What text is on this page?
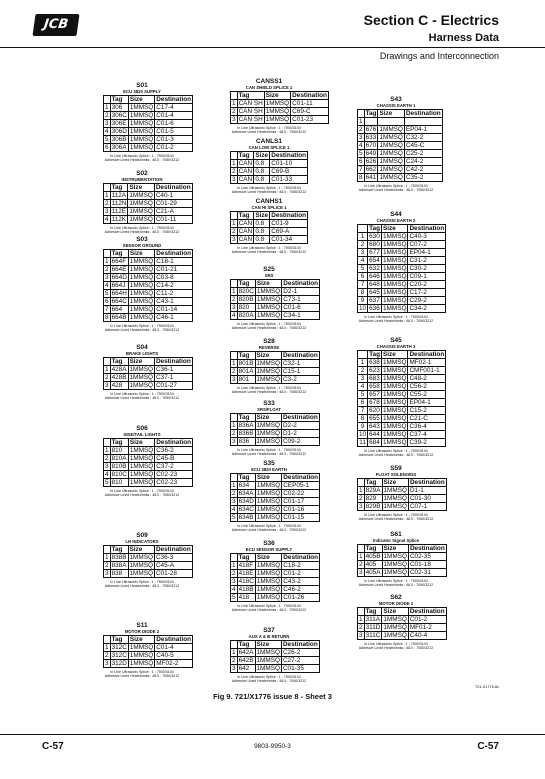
JCB	Section C - Electrics
Harness Data
Drawings and Interconnection
S01
ECU 3820 SUPPLY
	Tag	Size	Destination
1	306	1MMSQ	C17-4
2	306C	1MMSQ	C01-4
3	306E	1MMSQ	C01-6
4	306D	1MMSQ	C01-5
5	306B	1MMSQ	C01-3
6	306A	1MMSQ	C01-2
In Line Ultrasonic Splice : 1 : 7500/3104
Adhesive Lined Heatshrinks : 48.0 : 7050/3212
S02
INSTRUMENTATION
	Tag	Size	Destination
1	112A	1MMSQ	C40-1
2	112N	1MMSQ	C01-29
3	112E	1MMSQ	C21-A
4	112K	1MMSQ	C01-11
In Line Ultrasonic Splice : 1 : 7500/3104
Adhesive Lined Heatshrinks : 48.0 : 7050/3212
S03
SENSOR GROUND
	Tag	Size	Destination
1	664F	1MMSQ	C18-1
2	664E	1MMSQ	C01-21
3	664D	1MMSQ	C03-8
4	664J	1MMSQ	C14-2
5	664H	1MMSQ	C11-2
6	664C	1MMSQ	C43-1
7	664	1MMSQ	C01-14
8	664B	1MMSQ	C46-1
In Line Ultrasonic Splice : 1 : 7500/3104
Adhesive Lined Heatshrinks : 48.0 : 7050/3212
S04
BRAKE LIGHTS
	Tag	Size	Destination
1	428A	1MMSQ	C36-1
2	428B	1MMSQ	C37-1
3	428	1MMSQ	C01-27
In Line Ultrasonic Splice : 1 : 7500/3104
Adhesive Lined Heatshrinks : 48.0 : 7050/3212
S06
SIDE/TAIL LIGHTS
	Tag	Size	Destination
1	810	1MMSQ	C36-2
2	810A	1MMSQ	C45-B
3	810B	1MMSQ	C37-2
4	810C	1MMSQ	C02-23
5	810	1MMSQ	C02-23
In Line Ultrasonic Splice : 1 : 7500/3104
Adhesive Lined Heatshrinks : 48.0 : 7050/3212
S09
LH INDICATORS
	Tag	Size	Destination
1	838B	1MMSQ	C36-3
2	838A	1MMSQ	C45-A
3	838	1MMSQ	C01-28
In Line Ultrasonic Splice : 1 : 7500/3104
Adhesive Lined Heatshrinks : 48.0 : 7050/3212
S11
MOTOR DIODE 2
	Tag	Size	Destination
1	312C	1MMSQ	C01-4
2	312C	1MMSQ	C40-5
3	312D	1MMSQ	MF02-2
In Line Ultrasonic Splice : 1 : 7500/3104
Adhesive Lined Heatshrinks : 48.0 : 7050/3212
CANSS1
CAN SHIELD SPLICE 1
	Tag	Size	Destination
1	CAN SH	1MMSQ	C01-11
2	CAN SH	1MMSQ	C69-C
3	CAN SH	1MMSQ	C01-23
In Line Ultrasonic Splice : 1 : 7500/3104
Adhesive Lined Heatshrinks : 48.0 : 7050/3212
CANLS1
CAN LOW SPLICE 1
	Tag	Size	Destination
1	CAN	0.8	C01-10
2	CAN	0.8	C69-B
3	CAN	0.8	C01-33
In Line Ultrasonic Splice : 1 : 7500/3104
Adhesive Lined Heatshrinks : 48.0 : 7050/3212
CANHS1
CAN HI SPLICE 1
	Tag	Size	Destination
1	CAN	0.8	C01-9
2	CAN	0.8	C69-A
3	CAN	0.8	C01-34
In Line Ultrasonic Splice : 1 : 7500/3104
Adhesive Lined Heatshrinks : 48.0 : 7050/3212
S25
SRS
	Tag	Size	Destination
1	820C	1MMSQ	D2-1
2	820B	1MMSQ	C73-1
3	820	1MMSQ	C01-6
4	820A	1MMSQ	C34-1
In Line Ultrasonic Splice : 1 : 7500/3104
Adhesive Lined Heatshrinks : 48.0 : 7050/3212
S28
REVERSE
	Tag	Size	Destination
1	801B	1MMSQ	C32-1
2	801A	1MMSQ	C15-1
3	801	1MMSQ	C3-2
In Line Ultrasonic Splice : 1 : 7500/3104
Adhesive Lined Heatshrinks : 48.0 : 7050/3212
S33
SRS/FLOAT
	Tag	Size	Destination
1	836A	1MMSQ	D2-2
2	836B	1MMSQ	D1-2
3	836	1MMSQ	C09-2
In Line Ultrasonic Splice : 1 : 7500/3104
Adhesive Lined Heatshrinks : 48.0 : 7050/3212
S35
ECU 3820 EARTH
	Tag	Size	Destination
1	634	1MMSQ	CEP05-1
2	634A	1MMSQ	C02-22
3	634D	1MMSQ	C01-17
4	634C	1MMSQ	C01-16
5	634B	1MMSQ	C01-15
In Line Ultrasonic Splice : 1 : 7500/3104
Adhesive Lined Heatshrinks : 48.0 : 7050/3212
S36
ECU SENSOR SUPPLY
	Tag	Size	Destination
1	418F	1MMSQ	C18-2
2	418E	1MMSQ	C01-2
3	418C	1MMSQ	C43-2
4	418B	1MMSQ	C46-2
5	418	1MMSQ	C01-26
In Line Ultrasonic Splice : 1 : 7500/3104
Adhesive Lined Heatshrinks : 48.0 : 7050/3212
S37
AUX A & B RETURN
	Tag	Size	Destination
1	642A	1MMSQ	C26-2
2	642B	1MMSQ	C27-2
3	642	1MMSQ	C01-35
In Line Ultrasonic Splice : 1 : 7500/3104
Adhesive Lined Heatshrinks : 48.0 : 7050/3212
S43
CHASSIS EARTH 1
	Tag	Size	Destination
1			
2	676	1MMSQ	EP04-1
3	633	1MMSQ	C32-2
4	670	1MMSQ	C45-C
5	649	1MMSQ	C25-2
6	626	1MMSQ	C24-2
7	662	1MMSQ	C42-2
8	641	1MMSQ	C35-2
In Line Ultrasonic Splice : 1 : 7500/3104
Adhesive Lined Heatshrinks : 48.0 : 7050/3212
S44
CHASSIS EARTH 2
	Tag	Size	Destination
1	630	1MMSQ	C40-3
2	680	1MMSQ	C07-2
3	677	1MMSQ	EP04-1
4	654	1MMSQ	C31-2
5	632	1MMSQ	C30-2
6	646	1MMSQ	C09-1
7	648	1MMSQ	C20-2
8	645	1MMSQ	C17-2
9	637	1MMSQ	C29-2
10	636	1MMSQ	C34-2
In Line Ultrasonic Splice : 1 : 7500/3104
Adhesive Lined Heatshrinks : 48.0 : 7050/3212
S45
CHASSIS EARTH 3
	Tag	Size	Destination
1	638	1MMSQ	MF02-1
2	623	1MMSQ	CMF001-1
3	683	1MMSQ	C48-2
4	658	1MMSQ	C56-2
5	657	1MMSQ	C55-2
6	678	1MMSQ	EP04-1
7	620	1MMSQ	C15-2
8	655	1MMSQ	C21-C
9	643	1MMSQ	C36-4
10	644	1MMSQ	C37-4
11	684	1MMSQ	C39-2
In Line Ultrasonic Splice : 1 : 7500/3104
Adhesive Lined Heatshrinks : 48.0 : 7050/3212
S59
FLOAT SOLENOIDS
	Tag	Size	Destination
1	829A	1MMSQ	D1-1
2	829	1MMSQ	C01-30
3	829B	1MMSQ	C07-1
In Line Ultrasonic Splice : 1 : 7500/3104
Adhesive Lined Heatshrinks : 48.0 : 7050/3212
S61
Indicator Signal Splice
	Tag	Size	Destination
1	405B	1MMSQ	C02-35
2	405	1MMSQ	C01-18
3	405A	1MMSQ	C02-31
In Line Ultrasonic Splice : 1 : 7500/3104
Adhesive Lined Heatshrinks : 48.0 : 7050/3212
S62
MOTOR DIODE 1
	Tag	Size	Destination
1	311A	1MMSQ	C01-2
2	311D	1MMSQ	MF01-2
3	311C	1MMSQ	C40-4
In Line Ultrasonic Splice : 1 : 7500/3104
Adhesive Lined Heatshrinks : 48.0 : 7050/3212
721-X1776-8c
Fig 9. 721/X1776 issue 8 - Sheet 3
C-57	9803-9950-3	C-57
